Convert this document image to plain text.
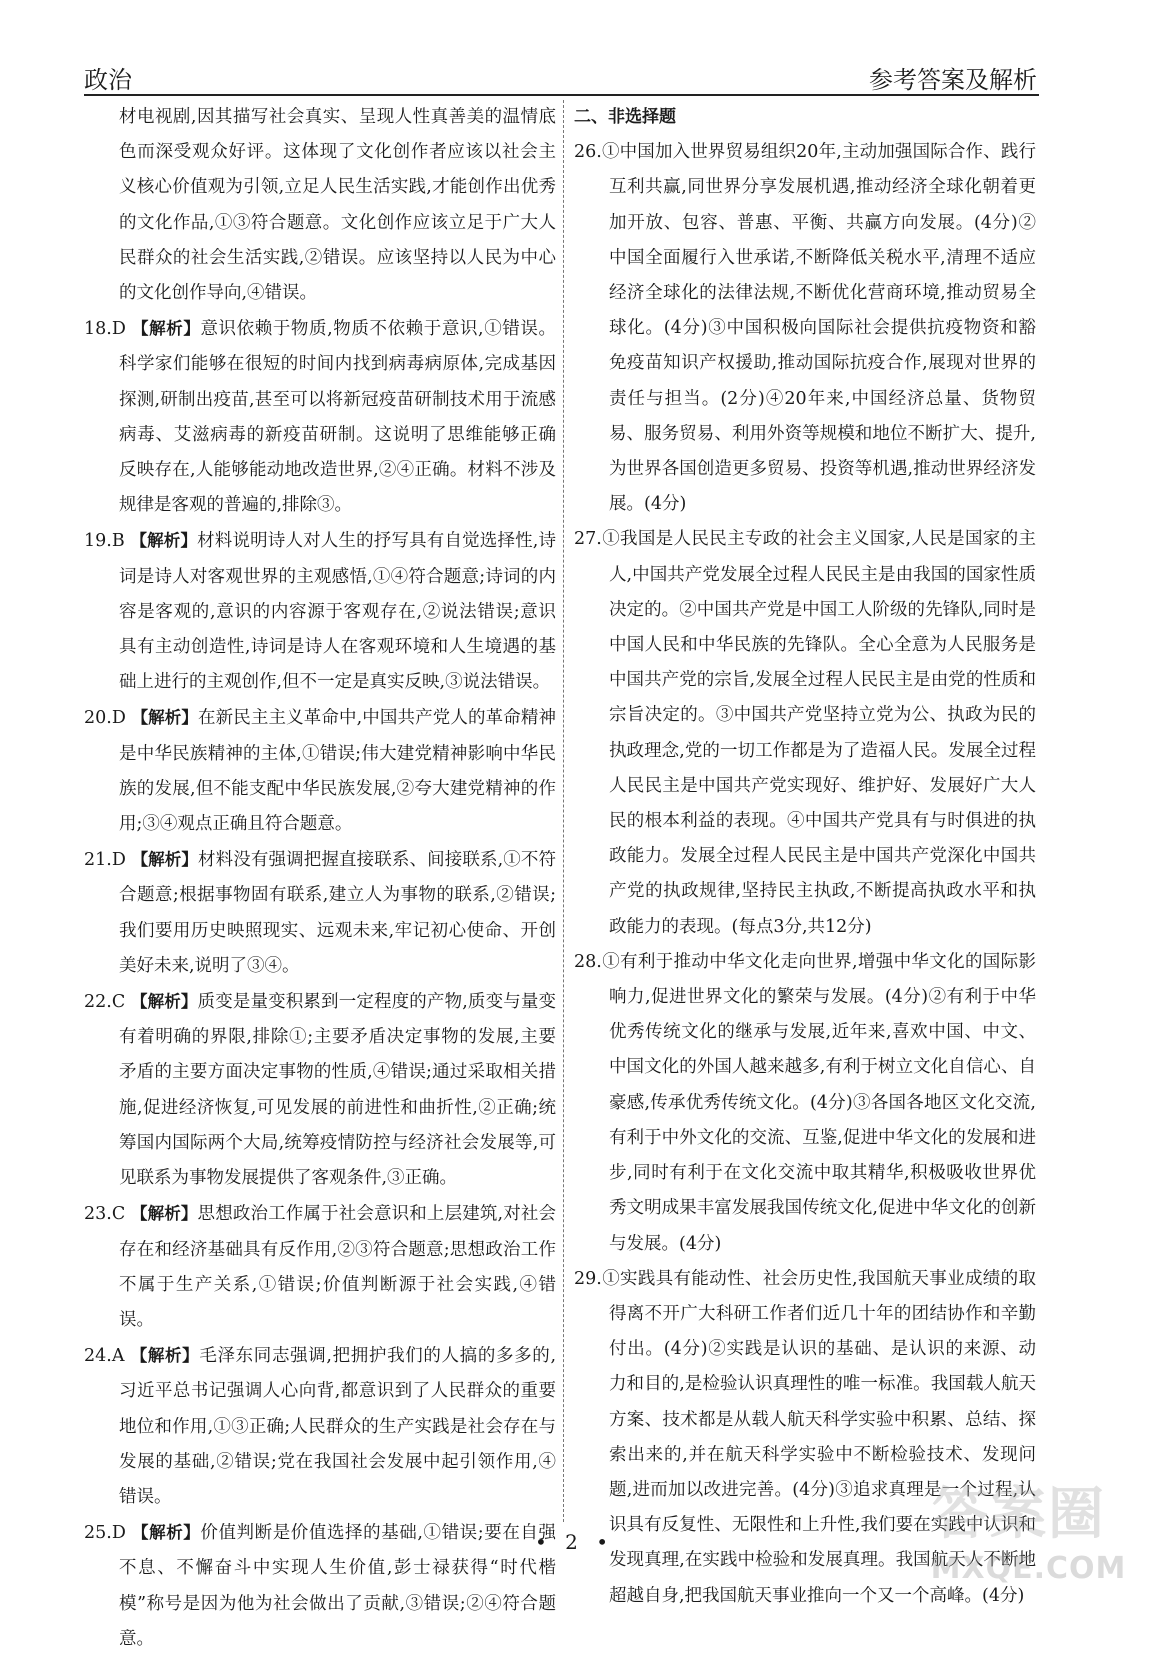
政治	参考答案及解析

材电视剧,因其描写社会真实、呈现人性真善美的温情底色而深受观众好评。这体现了文化创作者应该以社会主义核心价值观为引领,立足人民生活实践,才能创作出优秀的文化作品,①③符合题意。文化创作应该立足于广大人民群众的社会生活实践,②错误。应该坚持以人民为中心的文化创作导向,④错误。

18.D 【解析】意识依赖于物质,物质不依赖于意识,①错误。科学家们能够在很短的时间内找到病毒病原体,完成基因探测,研制出疫苗,甚至可以将新冠疫苗研制技术用于流感病毒、艾滋病毒的新疫苗研制。这说明了思维能够正确反映存在,人能够能动地改造世界,②④正确。材料不涉及规律是客观的普遍的,排除③。

19.B 【解析】材料说明诗人对人生的抒写具有自觉选择性,诗词是诗人对客观世界的主观感悟,①④符合题意;诗词的内容是客观的,意识的内容源于客观存在,②说法错误;意识具有主动创造性,诗词是诗人在客观环境和人生境遇的基础上进行的主观创作,但不一定是真实反映,③说法错误。

20.D 【解析】在新民主主义革命中,中国共产党人的革命精神是中华民族精神的主体,①错误;伟大建党精神影响中华民族的发展,但不能支配中华民族发展,②夸大建党精神的作用;③④观点正确且符合题意。

21.D 【解析】材料没有强调把握直接联系、间接联系,①不符合题意;根据事物固有联系,建立人为事物的联系,②错误;我们要用历史映照现实、远观未来,牢记初心使命、开创美好未来,说明了③④。

22.C 【解析】质变是量变积累到一定程度的产物,质变与量变有着明确的界限,排除①;主要矛盾决定事物的发展,主要矛盾的主要方面决定事物的性质,④错误;通过采取相关措施,促进经济恢复,可见发展的前进性和曲折性,②正确;统筹国内国际两个大局,统筹疫情防控与经济社会发展等,可见联系为事物发展提供了客观条件,③正确。

23.C 【解析】思想政治工作属于社会意识和上层建筑,对社会存在和经济基础具有反作用,②③符合题意;思想政治工作不属于生产关系,①错误;价值判断源于社会实践,④错误。

24.A 【解析】毛泽东同志强调,把拥护我们的人搞的多多的,习近平总书记强调人心向背,都意识到了人民群众的重要地位和作用,①③正确;人民群众的生产实践是社会存在与发展的基础,②错误;党在我国社会发展中起引领作用,④错误。

25.D 【解析】价值判断是价值选择的基础,①错误;要在自强不息、不懈奋斗中实现人生价值,彭士禄获得“时代楷模”称号是因为他为社会做出了贡献,③错误;②④符合题意。

二、非选择题

26.①中国加入世界贸易组织20年,主动加强国际合作、践行互利共赢,同世界分享发展机遇,推动经济全球化朝着更加开放、包容、普惠、平衡、共赢方向发展。(4分)②中国全面履行入世承诺,不断降低关税水平,清理不适应经济全球化的法律法规,不断优化营商环境,推动贸易全球化。(4分)③中国积极向国际社会提供抗疫物资和豁免疫苗知识产权援助,推动国际抗疫合作,展现对世界的责任与担当。(2分)④20年来,中国经济总量、货物贸易、服务贸易、利用外资等规模和地位不断扩大、提升,为世界各国创造更多贸易、投资等机遇,推动世界经济发展。(4分)

27.①我国是人民民主专政的社会主义国家,人民是国家的主人,中国共产党发展全过程人民民主是由我国的国家性质决定的。②中国共产党是中国工人阶级的先锋队,同时是中国人民和中华民族的先锋队。全心全意为人民服务是中国共产党的宗旨,发展全过程人民民主是由党的性质和宗旨决定的。③中国共产党坚持立党为公、执政为民的执政理念,党的一切工作都是为了造福人民。发展全过程人民民主是中国共产党实现好、维护好、发展好广大人民的根本利益的表现。④中国共产党具有与时俱进的执政能力。发展全过程人民民主是中国共产党深化中国共产党的执政规律,坚持民主执政,不断提高执政水平和执政能力的表现。(每点3分,共12分)

28.①有利于推动中华文化走向世界,增强中华文化的国际影响力,促进世界文化的繁荣与发展。(4分)②有利于中华优秀传统文化的继承与发展,近年来,喜欢中国、中文、中国文化的外国人越来越多,有利于树立文化自信心、自豪感,传承优秀传统文化。(4分)③各国各地区文化交流,有利于中外文化的交流、互鉴,促进中华文化的发展和进步,同时有利于在文化交流中取其精华,积极吸收世界优秀文明成果丰富发展我国传统文化,促进中华文化的创新与发展。(4分)

29.①实践具有能动性、社会历史性,我国航天事业成绩的取得离不开广大科研工作者们近几十年的团结协作和辛勤付出。(4分)②实践是认识的基础、是认识的来源、动力和目的,是检验认识真理性的唯一标准。我国载人航天方案、技术都是从载人航天科学实验中积累、总结、探索出来的,并在航天科学实验中不断检验技术、发现问题,进而加以改进完善。(4分)③追求真理是一个过程,认识具有反复性、无限性和上升性,我们要在实践中认识和发现真理,在实践中检验和发展真理。我国航天人不断地超越自身,把我国航天事业推向一个又一个高峰。(4分)

• 2 •	答案圈
MXQE.COM
